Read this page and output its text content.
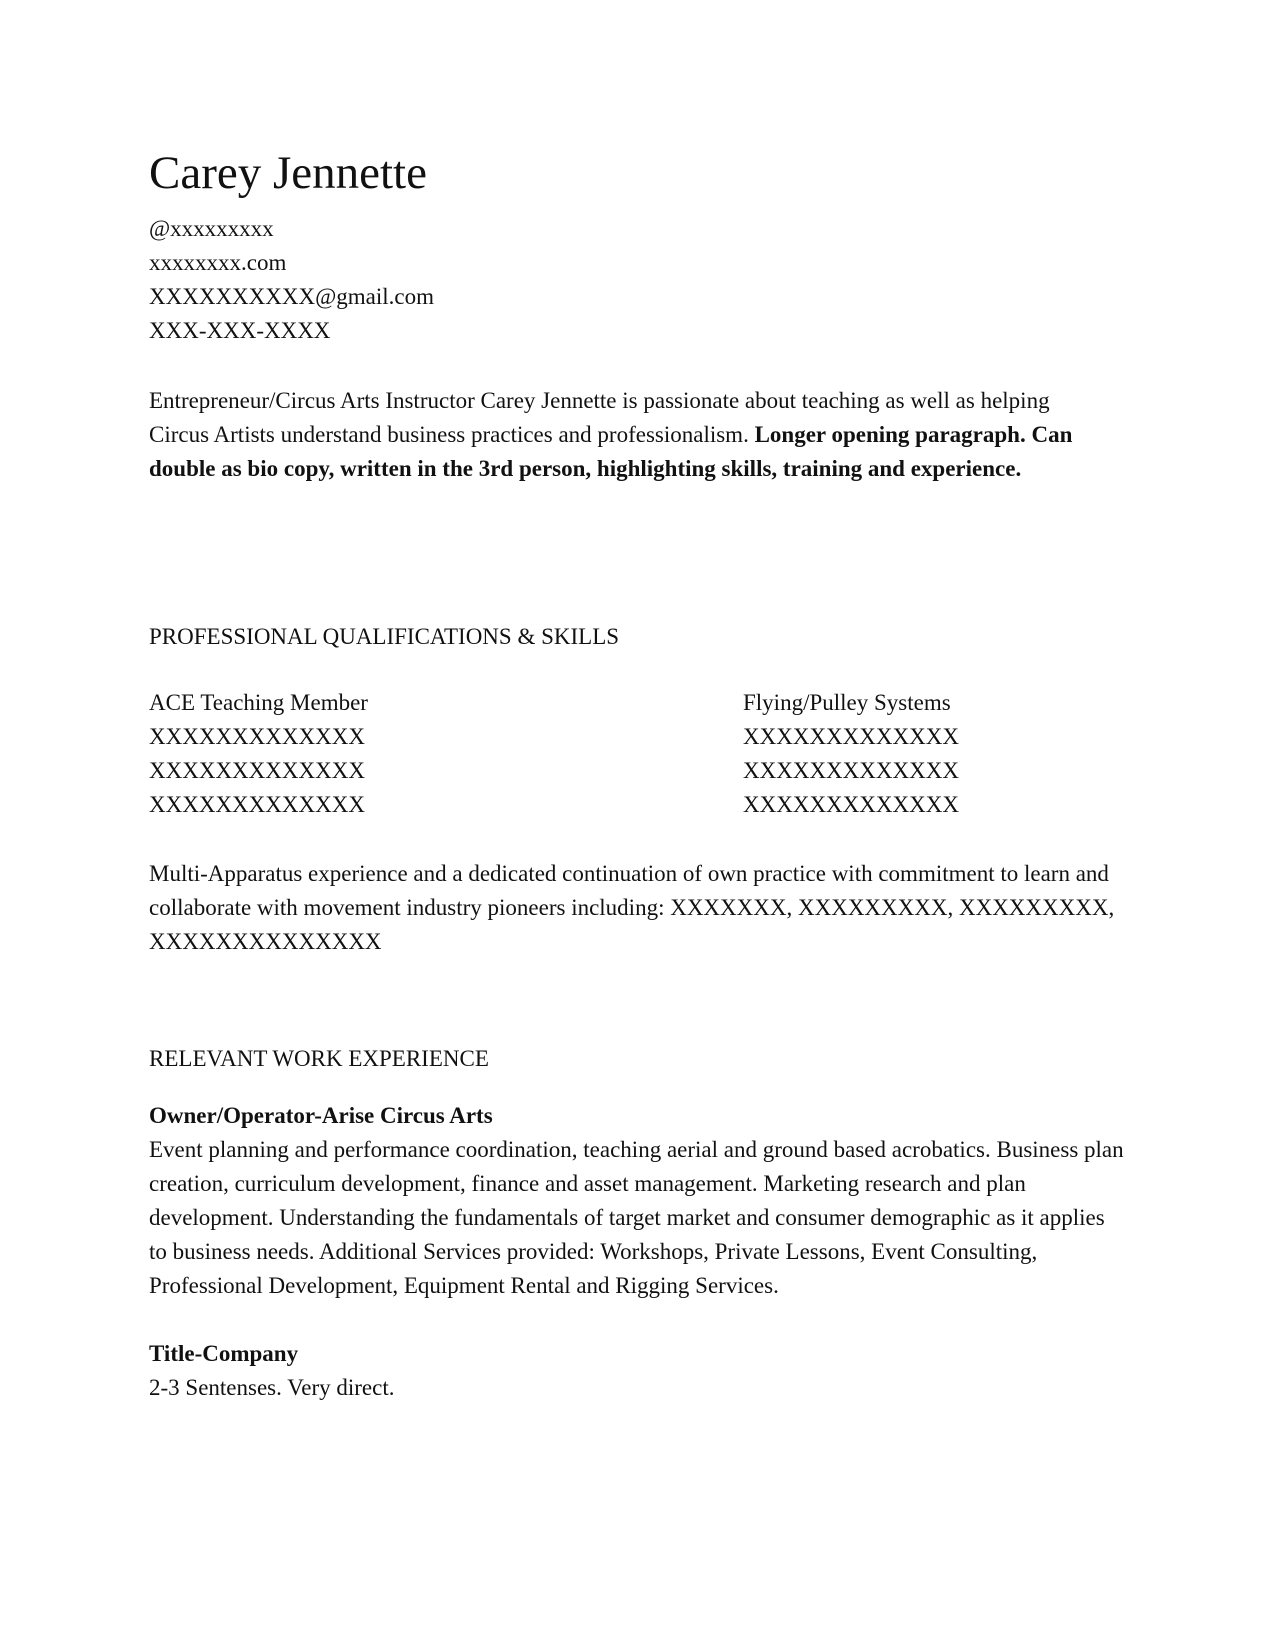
Carey Jennette
@xxxxxxxxx
xxxxxxxx.com
XXXXXXXXXX@gmail.com
XXX-XXX-XXXX

Entrepreneur/Circus Arts Instructor Carey Jennette is passionate about teaching as well as helping Circus Artists understand business practices and professionalism. Longer opening paragraph. Can double as bio copy, written in the 3rd person, highlighting skills, training and experience.

PROFESSIONAL QUALIFICATIONS & SKILLS
ACE Teaching Member
XXXXXXXXXXXXX
XXXXXXXXXXXXX
XXXXXXXXXXXXX
Flying/Pulley Systems
XXXXXXXXXXXXX
XXXXXXXXXXXXX
XXXXXXXXXXXXX

Multi-Apparatus experience and a dedicated continuation of own practice with commitment to learn and collaborate with movement industry pioneers including: XXXXXXX, XXXXXXXXX, XXXXXXXXX, XXXXXXXXXXXXXX

RELEVANT WORK EXPERIENCE
Owner/Operator-Arise Circus Arts

Event planning and performance coordination, teaching aerial and ground based acrobatics. Business plan creation, curriculum development, finance and asset management. Marketing research and plan development. Understanding the fundamentals of target market and consumer demographic as it applies to business needs. Additional Services provided: Workshops, Private Lessons, Event Consulting, Professional Development, Equipment Rental and Rigging Services.

Title-Company

2-3 Sentenses. Very direct.
